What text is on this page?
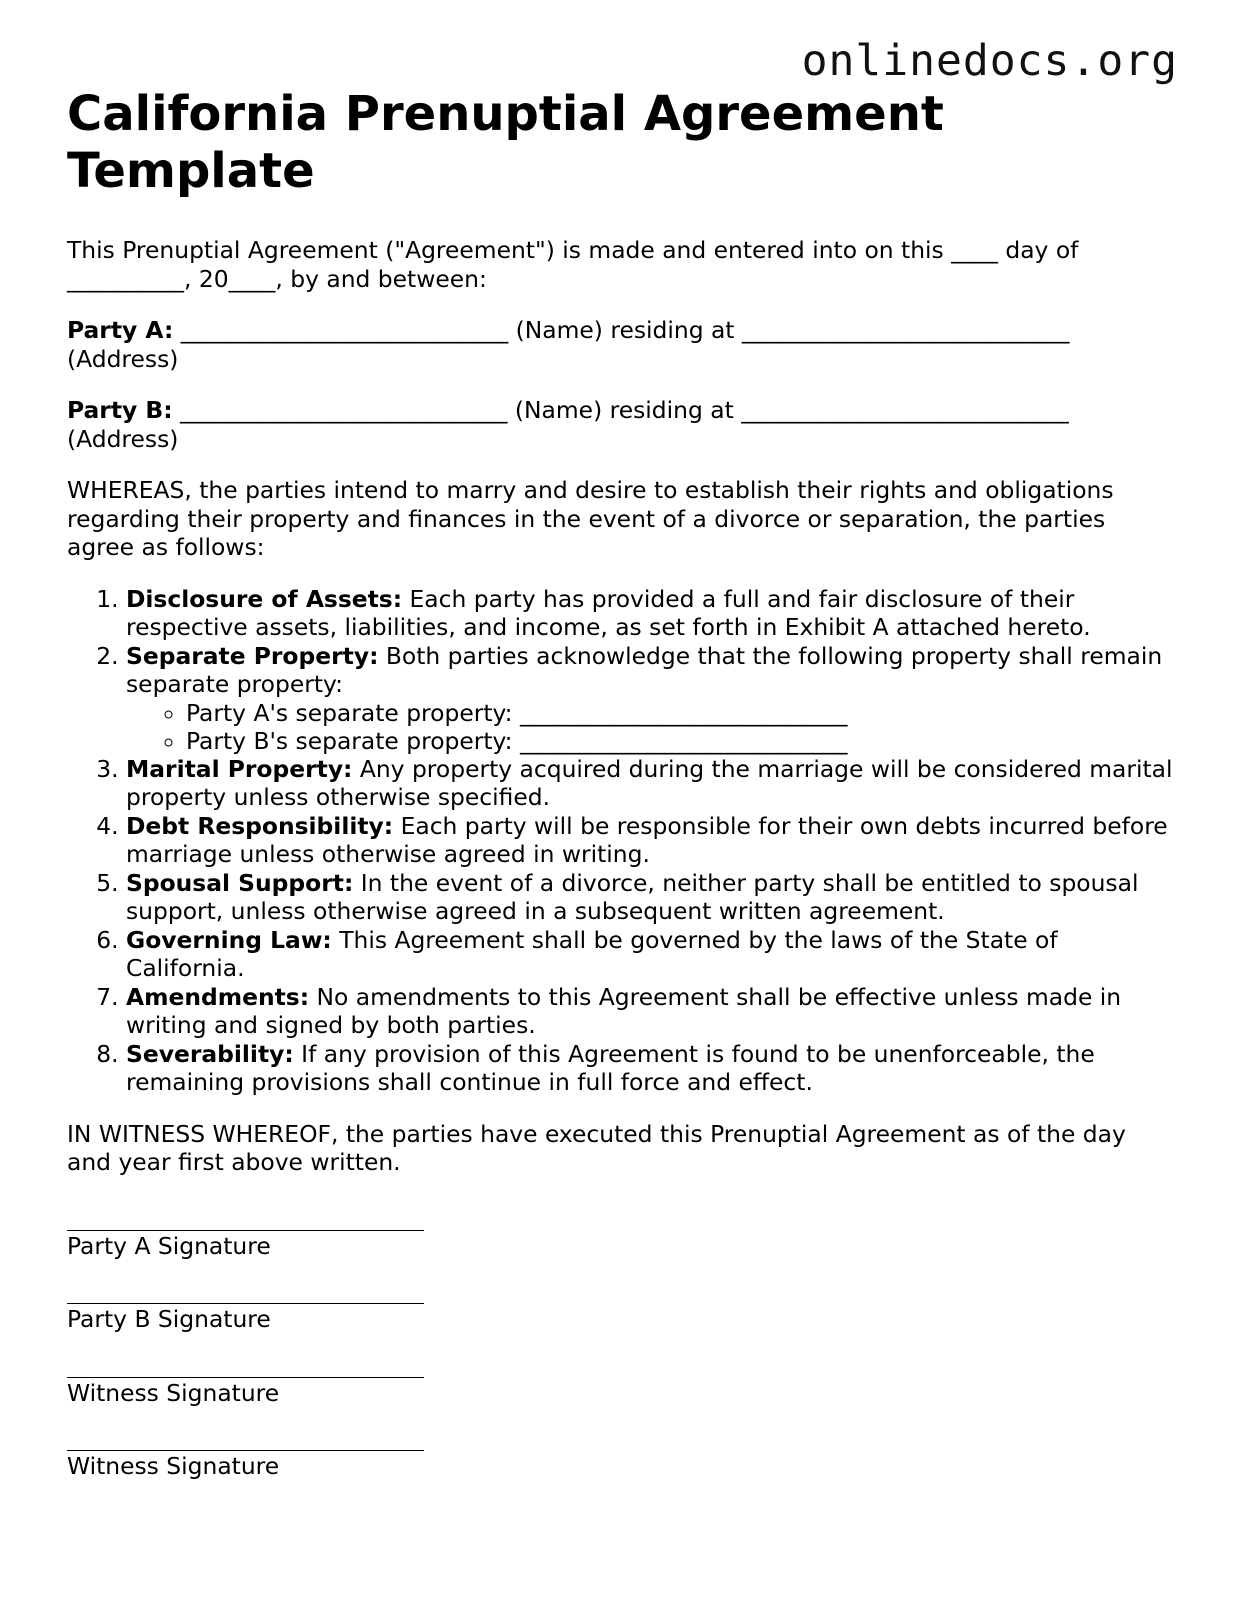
onlinedocs.org
California Prenuptial Agreement Template

This Prenuptial Agreement ("Agreement") is made and entered into on this ____ day of __________, 20____, by and between:

Party A: ____________________________ (Name) residing at ____________________________ (Address)

Party B: ____________________________ (Name) residing at ____________________________ (Address)

WHEREAS, the parties intend to marry and desire to establish their rights and obligations regarding their property and finances in the event of a divorce or separation, the parties agree as follows:

1. Disclosure of Assets: Each party has provided a full and fair disclosure of their respective assets, liabilities, and income, as set forth in Exhibit A attached hereto.
2. Separate Property: Both parties acknowledge that the following property shall remain separate property:
◦ Party A's separate property: ____________________________
◦ Party B's separate property: ____________________________
3. Marital Property: Any property acquired during the marriage will be considered marital property unless otherwise specified.
4. Debt Responsibility: Each party will be responsible for their own debts incurred before marriage unless otherwise agreed in writing.
5. Spousal Support: In the event of a divorce, neither party shall be entitled to spousal support, unless otherwise agreed in a subsequent written agreement.
6. Governing Law: This Agreement shall be governed by the laws of the State of California.
7. Amendments: No amendments to this Agreement shall be effective unless made in writing and signed by both parties.
8. Severability: If any provision of this Agreement is found to be unenforceable, the remaining provisions shall continue in full force and effect.

IN WITNESS WHEREOF, the parties have executed this Prenuptial Agreement as of the day and year first above written.

Party A Signature
Party B Signature
Witness Signature
Witness Signature
